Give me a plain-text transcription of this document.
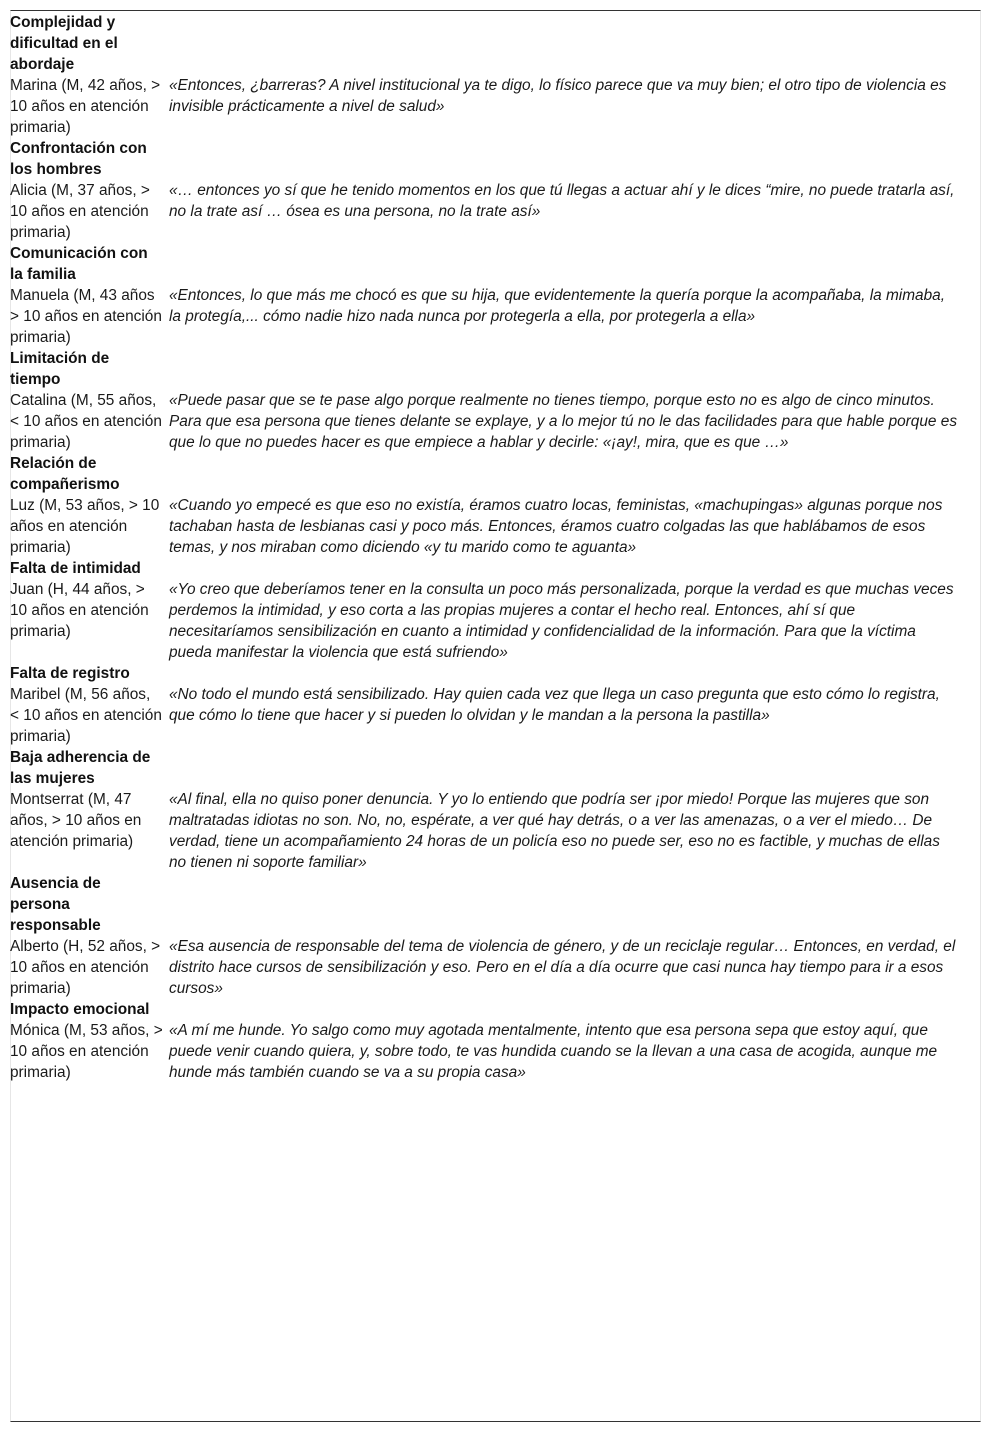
Complejidad y dificultad en el abordaje	
Marina (M, 42 años, > 10 años en atención primaria)	«Entonces, ¿barreras? A nivel institucional ya te digo, lo físico parece que va muy bien; el otro tipo de violencia es invisible prácticamente a nivel de salud»
Confrontación con los hombres	
Alicia (M, 37 años, > 10 años en atención primaria)	«… entonces yo sí que he tenido momentos en los que tú llegas a actuar ahí y le dices “mire, no puede tratarla así, no la trate así … ósea es una persona, no la trate así»
Comunicación con la familia	
Manuela (M, 43 años > 10 años en atención primaria)	«Entonces, lo que más me chocó es que su hija, que evidentemente la quería porque la acompañaba, la mimaba, la protegía,... cómo nadie hizo nada nunca por protegerla a ella, por protegerla a ella»
Limitación de tiempo	
Catalina (M, 55 años, < 10 años en atención primaria)	«Puede pasar que se te pase algo porque realmente no tienes tiempo, porque esto no es algo de cinco minutos. Para que esa persona que tienes delante se explaye, y a lo mejor tú no le das facilidades para que hable porque es que lo que no puedes hacer es que empiece a hablar y decirle: «¡ay!, mira, que es que …»
Relación de compañerismo	
Luz (M, 53 años, > 10 años en atención primaria)	«Cuando yo empecé es que eso no existía, éramos cuatro locas, feministas, «machupingas» algunas porque nos tachaban hasta de lesbianas casi y poco más. Entonces, éramos cuatro colgadas las que hablábamos de esos temas, y nos miraban como diciendo «y tu marido como te aguanta»
Falta de intimidad	
Juan (H, 44 años, > 10 años en atención primaria)	«Yo creo que deberíamos tener en la consulta un poco más personalizada, porque la verdad es que muchas veces perdemos la intimidad, y eso corta a las propias mujeres a contar el hecho real. Entonces, ahí sí que necesitaríamos sensibilización en cuanto a intimidad y confidencialidad de la información. Para que la víctima pueda manifestar la violencia que está sufriendo»
Falta de registro	
Maribel (M, 56 años, < 10 años en atención primaria)	«No todo el mundo está sensibilizado. Hay quien cada vez que llega un caso pregunta que esto cómo lo registra, que cómo lo tiene que hacer y si pueden lo olvidan y le mandan a la persona la pastilla»
Baja adherencia de las mujeres	
Montserrat (M, 47 años, > 10 años en atención primaria)	«Al final, ella no quiso poner denuncia. Y yo lo entiendo que podría ser ¡por miedo! Porque las mujeres que son maltratadas idiotas no son. No, no, espérate, a ver qué hay detrás, o a ver las amenazas, o a ver el miedo… De verdad, tiene un acompañamiento 24 horas de un policía eso no puede ser, eso no es factible, y muchas de ellas no tienen ni soporte familiar»
Ausencia de persona responsable	
Alberto (H, 52 años, > 10 años en atención primaria)	«Esa ausencia de responsable del tema de violencia de género, y de un reciclaje regular… Entonces, en verdad, el distrito hace cursos de sensibilización y eso. Pero en el día a día ocurre que casi nunca hay tiempo para ir a esos cursos»
Impacto emocional	
Mónica (M, 53 años, > 10 años en atención primaria)	«A mí me hunde. Yo salgo como muy agotada mentalmente, intento que esa persona sepa que estoy aquí, que puede venir cuando quiera, y, sobre todo, te vas hundida cuando se la llevan a una casa de acogida, aunque me hunde más también cuando se va a su propia casa»
